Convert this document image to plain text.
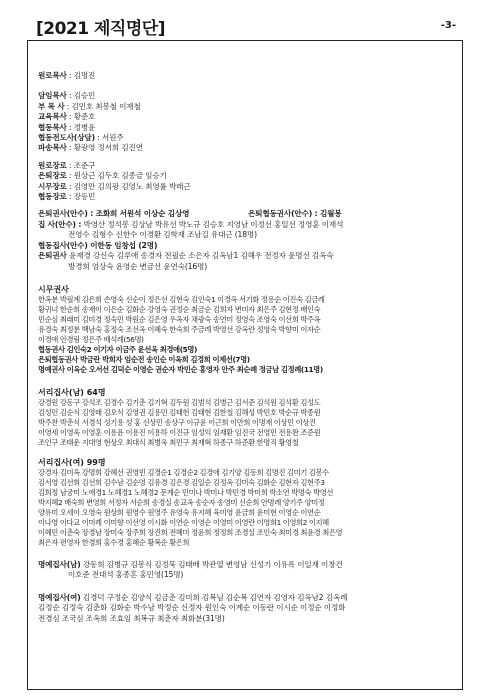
[2021 제직명단]	-3-
원로목사 : 김명진
담임목사 : 김승민
부 목 사 : 김민호 최봉철 이재철
교육목사 : 황준호
협동목사 : 정병윤
협동전도사(상담) : 서원주
파송목사 : 황광영 정서희 김진연
원로장로 : 조준구
은퇴장로 : 원상근 김두호 김종금 임승기
시무장로 : 김영만 김의광 김영노 최영률 박래근
협동장로 : 장동민
은퇴권사(안수) : 조화희 서원석 이상순 김상영	은퇴협동권사(안수) : 김월봉
집 사(안수) : 박영산 정석봉 김상남 박유선 박노규 김승호 지영남 이정선 홍일선 정영훈 이재석
전영수 김형수 신한수 이경환 김학재 조남길 유대근 (18명)
협동집사(안수) 이한동 임창섭 (2명)
은퇴권사 윤재경 강신숙 김루애 송경자 전필순 소은자 김옥남1 김해우 전정자 윤명선 김옥숙
방경희 엄상숙 윤영순 변금선 윤연숙(16명)
시무권사
한옥분 박필계 김은희 손영숙 신순이 정은선 김현숙 김인숙1 이경옥 서기화 정용순 이진숙 김금례
황귀녀 한순희 송재이 이은순 김화순 강영숙 권정순 최금순 김희자 변미자 최은주 김현정 배인숙
민순심 최래미 김미경 정숙민 박원순 김은영 우옥자 채광숙 송연미 정영숙 조영숙 이선희 박주옥
유경숙 최정분 백남숙 홍정숙 조선옥 이혜숙 한숙희 주금례 박영선 강옥란 정영숙 박향미 이자순
이경애 안경림 정은주 배석례(56명)
협동권사 김인숙2 이기자 이금주 윤선옥 최경애(5명)
은퇴협동권사 박금란 박희자 엄순전 송인순 이옥희 김경희 이제선(7명)
명예권사 이옥순 오서선 김덕순 이영순 권순자 박민순 홍영자 안주 최순례 정금남 김정례(11명)
서리집사(남) 64명
강경원 강동구 강석조 김경수 김기춘 김기혁 김두원 김범석 김병근 김서준 김석원 김석환 김성도
김성민 김순식 김영래 김오식 김영권 김용민 김태헌 김태현 김한철 김해성 박민호 박순규 박종원
박주찬 박춘식 서경석 성기용 성 홍 신상민 송상구 이규윤 이근희 이만희 이명재 이상민 이상진
이영세 이영욱 이영훈 이용윤 이용진 이용하 이진규 임성익 임재환 임진국 전영민 전용완 조준원
조인구 조태운 지대영 현상오 최대식 최병욱 최민구 최재혁 하종구 하준환 한명직 황영철
서리집사(여) 99명
강경자 김미옥 강명희 강혜선 권영빈 김경순1 김경순2 김경애 김기양 김동희 김명진 김미기 김봉수
김서영 김선희 김선희 김수남 김순영 김유경 김은경 김일순 김정옥 김미숙 김화순 김현자 김현주3
김희정 남궁미 노애경1 노혜경1 노혜경2 문계순 민미나 박미나 박민경 박미희 박소연 박명숙 박영선
박지혜2 배숙희 변영희 서정자 서순희 송경실 송교옥 송순자 송영미 신순희 안명례 양기주 양미정
양유미 오세이 오영숙 원상희 원영수 원영주 유영숙 유지혜 육미영 윤금희 윤미현 이영순 이연순
이나영 이다교 이미례 이미향 이선영 이시화 이연순 이영순 이영미 이영란 이영희1 이영희2 이지혜
이혜민 이춘숙 장경남 장미숙 장주희 장진희 전혜미 정윤희 정정희 조경실 조인숙 최미경 최윤경 최은영
최은자 편영자 한경희 홍수경 홍혜순 황복순 황은희
명예집사(남) 강동희 김병규 김봉식 김정묵 김태배 박관열 변영남 신성기 이유록 이일재 이창건
이호준 전대석 홍종흔 홍민영(15명)
명예집사(여) 김경덕 구정순 김양식 김금춘 김미희 김복님 김순복 김연자 김영자 김옥남2 김옥례
김정순 김정숙 김춘화 김화순 박수남 박정순 신정자 원인숙 이계순 이동란 이시순 이정순 이정화
전경심 조국심 조옥희 조효임 최복규 최춘자 최화분(31명)
